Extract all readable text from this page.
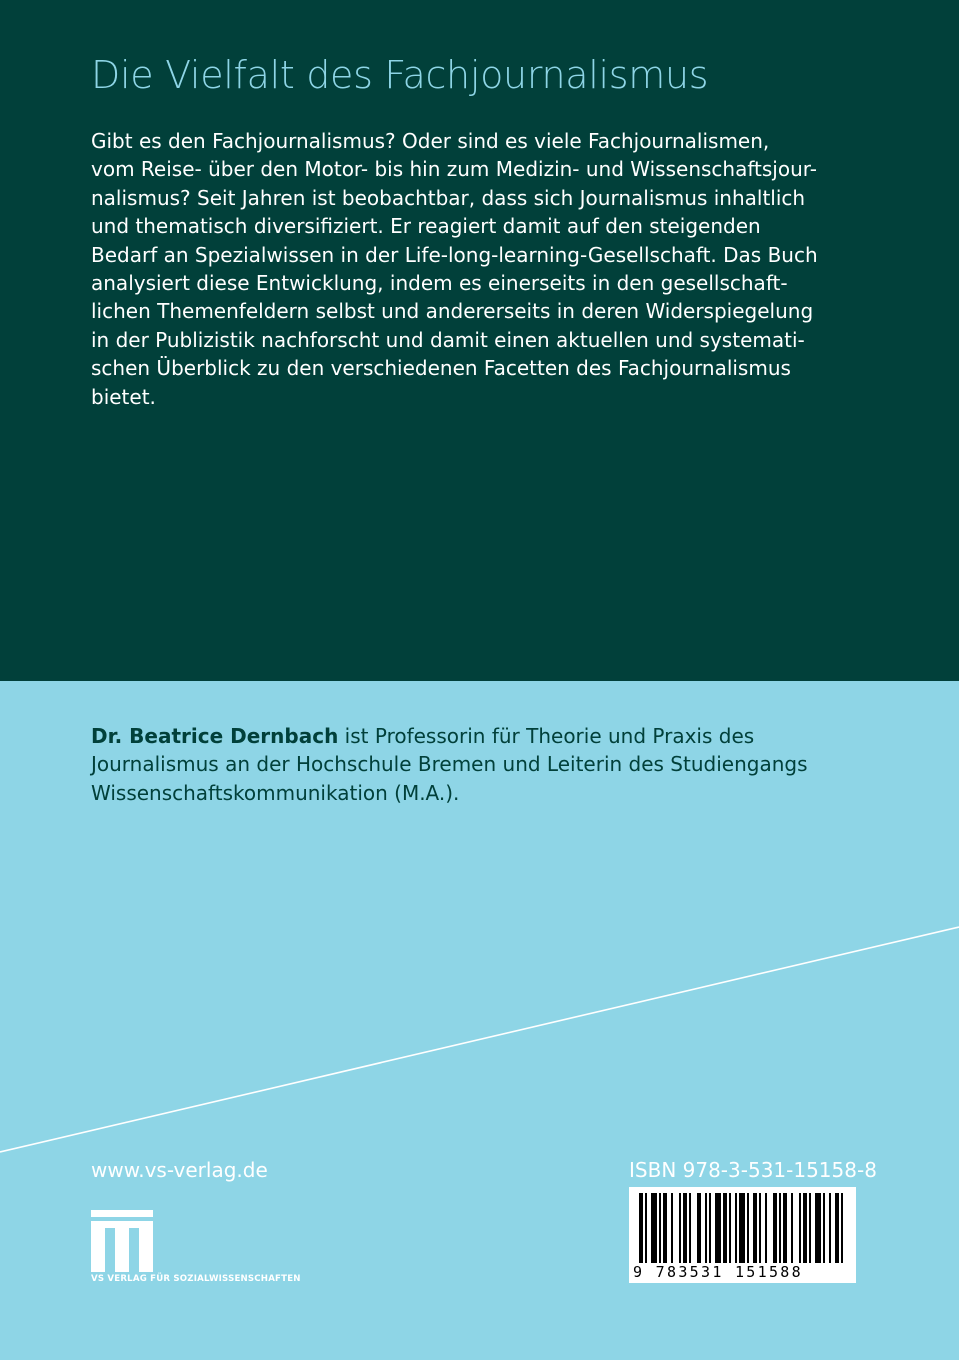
Die Vielfalt des Fachjournalismus
Gibt es den Fachjournalismus? Oder sind es viele Fachjournalismen,
vom Reise- über den Motor- bis hin zum Medizin- und Wissenschaftsjour-
nalismus? Seit Jahren ist beobachtbar, dass sich Journalismus inhaltlich
und thematisch diversifiziert. Er reagiert damit auf den steigenden
Bedarf an Spezialwissen in der Life-long-learning-Gesellschaft. Das Buch
analysiert diese Entwicklung, indem es einerseits in den gesellschaft-
lichen Themenfeldern selbst und andererseits in deren Widerspiegelung
in der Publizistik nachforscht und damit einen aktuellen und systemati-
schen Überblick zu den verschiedenen Facetten des Fachjournalismus
bietet.
Dr. Beatrice Dernbach ist Professorin für Theorie und Praxis des
Journalismus an der Hochschule Bremen und Leiterin des Studiengangs
Wissenschaftskommunikation (M.A.).
www.vs-verlag.de
VS VERLAG FÜR SOZIALWISSENSCHAFTEN
ISBN 978-3-531-15158-8
9 783531 151588
